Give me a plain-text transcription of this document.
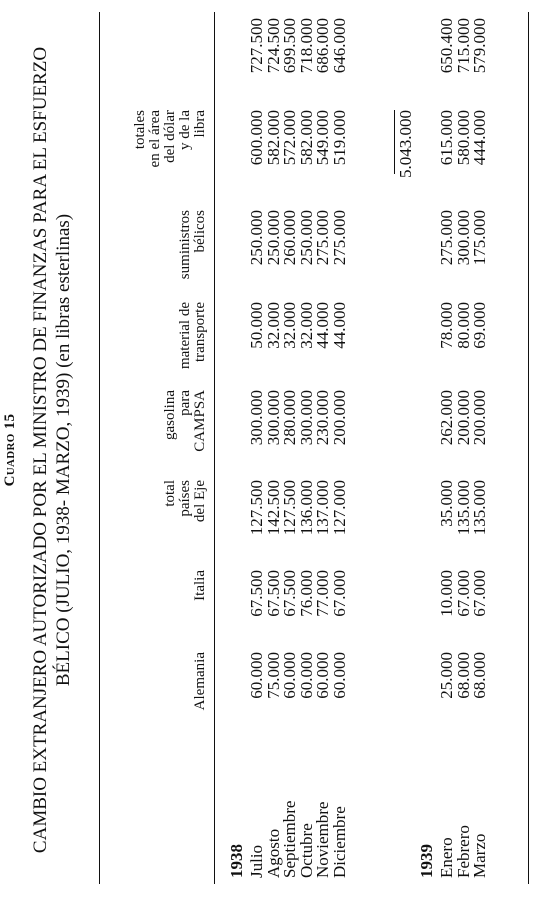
CUADRO 15 CAMBIO EXTRANJERO AUTORIZADO POR EL MINISTRO DE FINANZAS PARA EL ESFUERZO BÉLICO (JULIO, 1938- MARZO, 1939) (en libras esterlinas)	Alemania
Italia
total países del Eje
gasolina para CAMPSA
material de transporte
suministros bélicos
totales en el área del dólar y de la libra
1938 Julio
60.000
67.500
127.500
300.000
50.000
250.000
600.000
727.500
Agosto
75.000
67.500
142.500
300.000
32.000
250.000
582.000
724.500
Septiembre
60.000
67.500
127.500
280.000
32.000
260.000
572.000
699.500
Octubre
60.000
76.000
136.000
300.000
32.000
250.000
582.000
718.000
Noviembre
60.000
77.000
137.000
230.000
44.000
275.000
549.000
686.000
Diciembre
60.000
67.000
127.000
200.000
44.000
275.000
519.000
646.000
1939 Enero
25.000
10.000
35.000
262.000
78.000
275.000
615.000
650.400
Febrero
68.000
67.000
135.000
200.000
80.000
300.000
580.000
715.000
Marzo
68.000
67.000
135.000
200.000
69.000
175.000
444.000
579.000
5.043.000
